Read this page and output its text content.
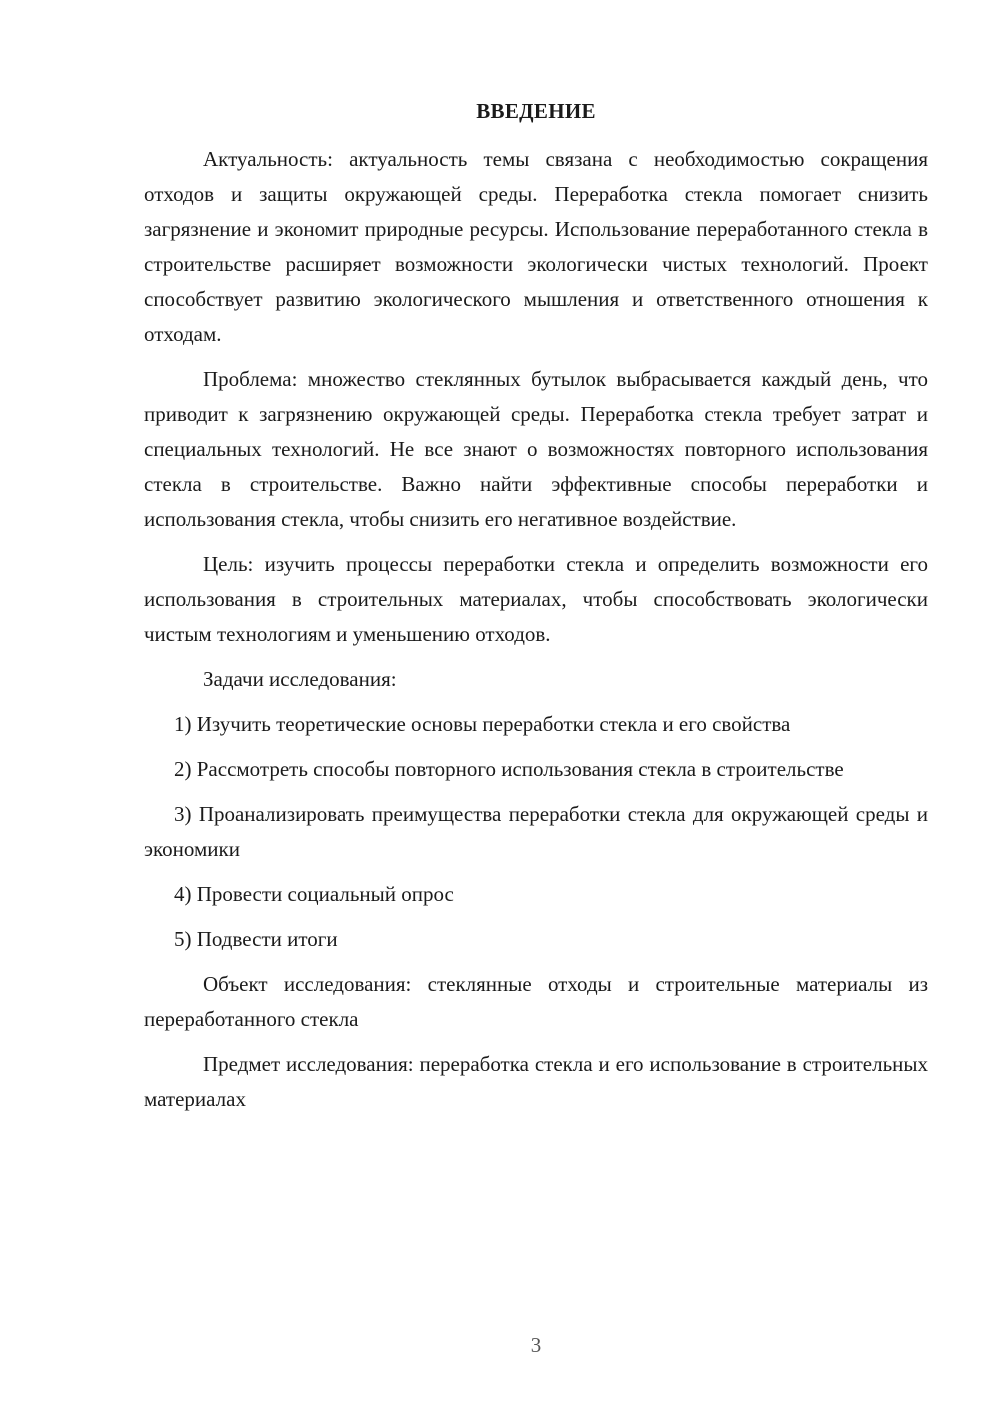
ВВЕДЕНИЕ

Актуальность: актуальность темы связана с необходимостью сокращения отходов и защиты окружающей среды. Переработка стекла помогает снизить загрязнение и экономит природные ресурсы. Использование переработанного стекла в строительстве расширяет возможности экологически чистых технологий. Проект способствует развитию экологического мышления и ответственного отношения к отходам.

Проблема: множество стеклянных бутылок выбрасывается каждый день, что приводит к загрязнению окружающей среды. Переработка стекла требует затрат и специальных технологий. Не все знают о возможностях повторного использования стекла в строительстве. Важно найти эффективные способы переработки и использования стекла, чтобы снизить его негативное воздействие.

Цель: изучить процессы переработки стекла и определить возможности его использования в строительных материалах, чтобы способствовать экологически чистым технологиям и уменьшению отходов.

Задачи исследования:

1) Изучить теоретические основы переработки стекла и его свойства

2) Рассмотреть способы повторного использования стекла в строительстве

3) Проанализировать преимущества переработки стекла для окружающей среды и экономики

4) Провести социальный опрос

5) Подвести итоги

Объект исследования: стеклянные отходы и строительные материалы из переработанного стекла

Предмет исследования: переработка стекла и его использование в строительных материалах

3
